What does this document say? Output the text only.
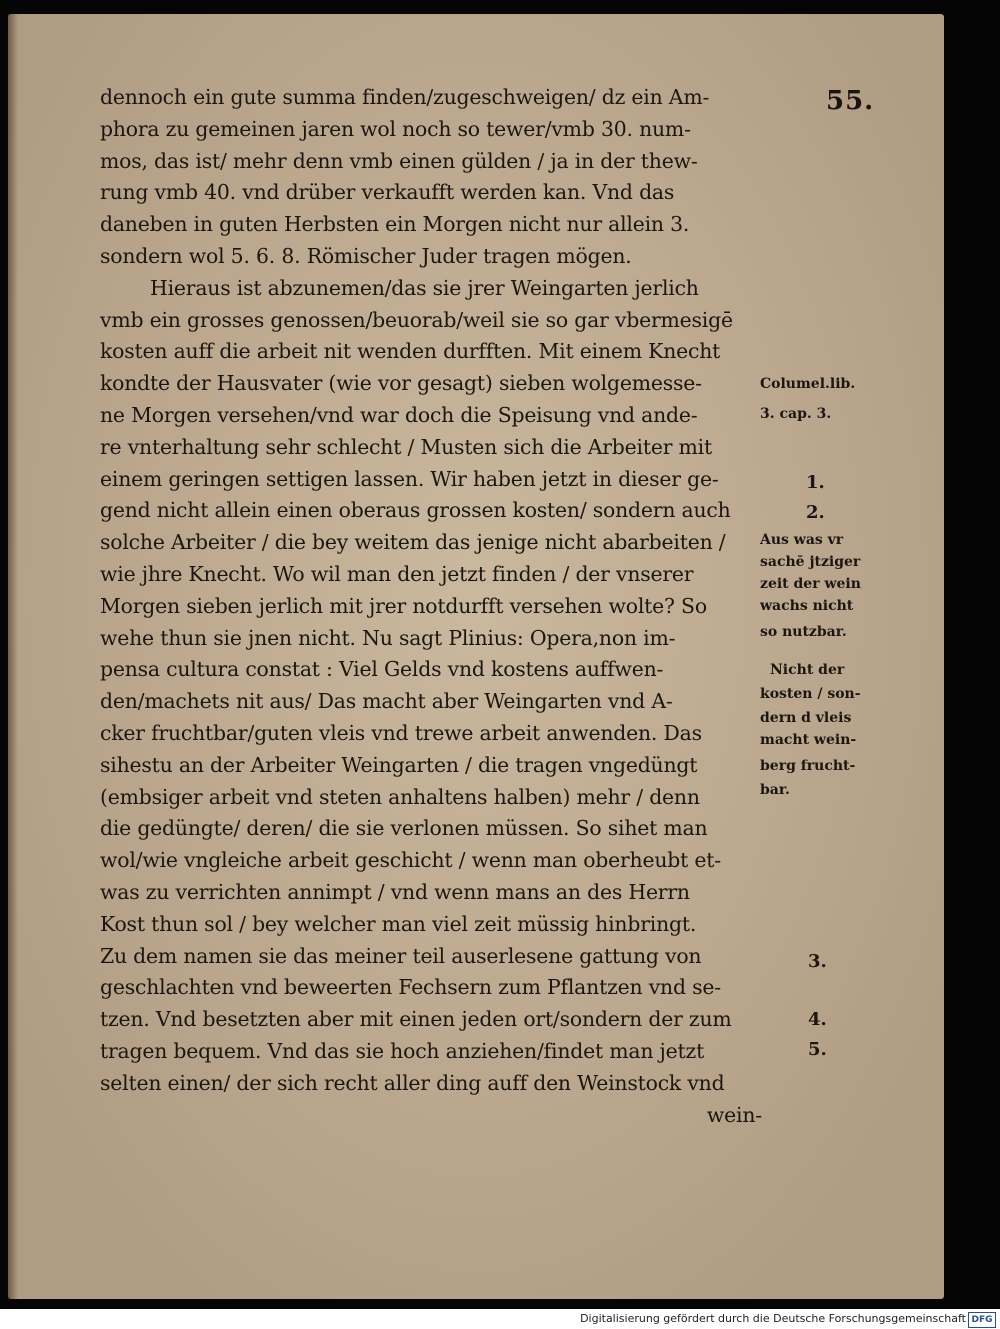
55.
dennoch ein gute summa finden/zugeschweigen/ dz ein Am-
phora zu gemeinen jaren wol noch so tewer/vmb 30. num-
mos, das ist/ mehr denn vmb einen gülden / ja in der thew-
rung vmb 40. vnd drüber verkaufft werden kan. Vnd das
daneben in guten Herbsten ein Morgen nicht nur allein 3.
sondern wol 5. 6. 8. Römischer Juder tragen mögen.
Hieraus ist abzunemen/das sie jrer Weingarten jerlich
vmb ein grosses genossen/beuorab/weil sie so gar vbermesigē
kosten auff die arbeit nit wenden durfften. Mit einem Knecht
kondte der Hausvater (wie vor gesagt) sieben wolgemesse-
ne Morgen versehen/vnd war doch die Speisung vnd ande-
re vnterhaltung sehr schlecht / Musten sich die Arbeiter mit
einem geringen settigen lassen. Wir haben jetzt in dieser ge-
gend nicht allein einen oberaus grossen kosten/ sondern auch
solche Arbeiter / die bey weitem das jenige nicht abarbeiten /
wie jhre Knecht. Wo wil man den jetzt finden / der vnserer
Morgen sieben jerlich mit jrer notdurfft versehen wolte? So
wehe thun sie jnen nicht. Nu sagt Plinius: Opera,non im-
pensa cultura constat : Viel Gelds vnd kostens auffwen-
den/machets nit aus/ Das macht aber Weingarten vnd A-
cker fruchtbar/guten vleis vnd trewe arbeit anwenden. Das
sihestu an der Arbeiter Weingarten / die tragen vngedüngt
(embsiger arbeit vnd steten anhaltens halben) mehr / denn
die gedüngte/ deren/ die sie verlonen müssen. So sihet man
wol/wie vngleiche arbeit geschicht / wenn man oberheubt et-
was zu verrichten annimpt / vnd wenn mans an des Herrn
Kost thun sol / bey welcher man viel zeit müssig hinbringt.
Zu dem namen sie das meiner teil auserlesene gattung von
geschlachten vnd beweerten Fechsern zum Pflantzen vnd se-
tzen. Vnd besetzten aber mit einen jeden ort/sondern der zum
tragen bequem. Vnd das sie hoch anziehen/findet man jetzt
selten einen/ der sich recht aller ding auff den Weinstock vnd
wein-
Columel.lib.
3. cap. 3.
1.
2.
Aus was vr
sachē jtziger
zeit der wein
wachs nicht
so nutzbar.
Nicht der
kosten / son-
dern d vleis
macht wein-
berg frucht-
bar.
3.
4.
5.
Digitalisierung gefördert durch die Deutsche Forschungsgemeinschaft DFG
